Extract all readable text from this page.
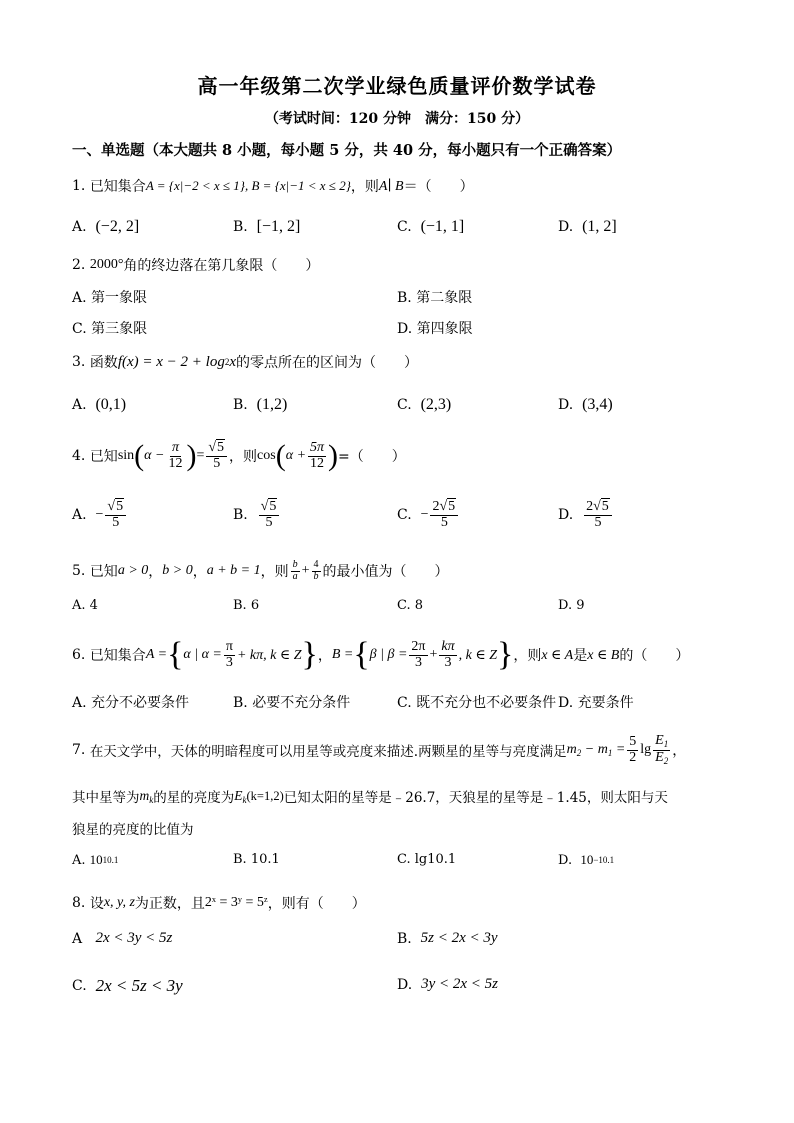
高一年级第二次学业绿色质量评价数学试卷
（考试时间：120 分钟　满分：150 分）
一、单选题（本大题共 8 小题，每小题 5 分，共 40 分，每小题只有一个正确答案）
1.
已知集合 A = {x|−2 < x ≤ 1}, B = {x|−1 < x ≤ 2} ，则 A∣ B ＝（　　）
A.
(−2, 2]	B.
[−1, 2]	C.
(−1, 1]	D.
(1, 2]
2.
2000° 角的终边落在第几象限（　　）
A. 第一象限	B. 第二象限
C. 第三象限	D. 第四象限
3.
函数 f(x) = x − 2 + log 2 x 的零点所在的区间为（　　）
A.
(0,1)	B.
(1,2)	C.
(2,3)	D.
(3,4)
4.
已知 sin ( $\alpha - \frac{\pi}{12}$ ) = $\frac{√5}{5}$ ，则 cos ( $\alpha + \frac{5\pi}{12}$ ) =（　　）
A.
− $\frac{√5}{5}$	B.
$\frac{√5}{5}$	C.
− $\frac{2√5}{5}$	D.
$\frac{2√5}{5}$
5.
已知 a > 0 ， b > 0 ， a + b = 1 ，则 $\frac{b}{a} + \frac{4}{b}$ 的最小值为（　　）
A. 4	B. 6	C. 8	D. 9
6.
已知集合 A = { α | $\alpha = \frac{\pi}{3} + k\pi$, k ∈ Z } ， B = { β | $\beta = \frac{2\pi}{3} + \frac{k\pi}{3}$ , k ∈ Z } ，则 x ∈ A 是 x ∈ B 的（　　）
A. 充分不必要条件	B. 必要不充分条件	C. 既不充分也不必要条件 D. 充要条件
7.
在天文学中，天体的明暗程度可以用星等或亮度来描述.两颗星的星等与亮度满足 $m_2 - m_1 = \frac{5}{2}$ $\lg \frac{E_1}{E_2}$ ，
其中星等为 $m_k$ 的星的亮度为 $E_k$ (k=1,2) 已知太阳的星等是﹣26.7，天狼星的星等是﹣1.45，则太阳与天
狼星的亮度的比值为
A.
10 10.1	B. 10.1	C. lg10.1	D.
10 −10.1
8.
设 x, y, z 为正数，且 2ˣ = 3ʸ = 5ᶻ ，则有（　　）
A
2x < 3y < 5z	B.
5z < 2x < 3y
C.
2x < 5z < 3y	D.
3y < 2x < 5z
